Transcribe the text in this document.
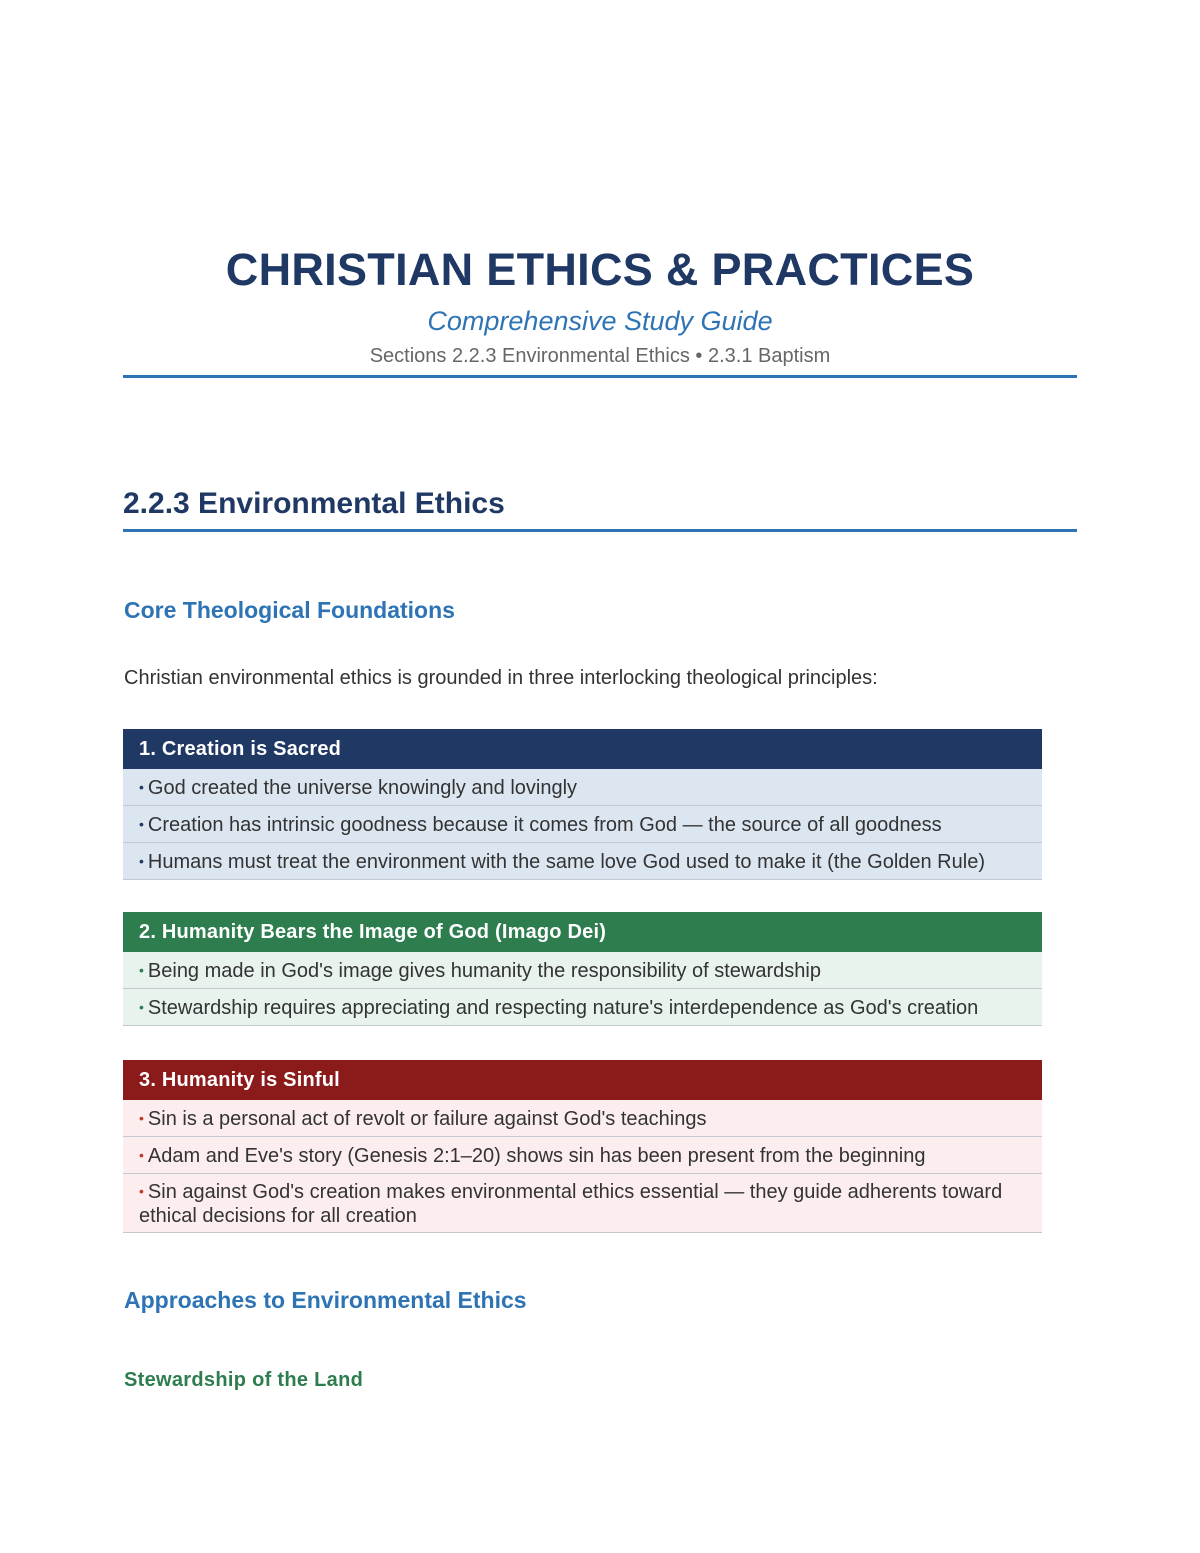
CHRISTIAN ETHICS & PRACTICES
Comprehensive Study Guide
Sections 2.2.3 Environmental Ethics • 2.3.1 Baptism
2.2.3 Environmental Ethics
Core Theological Foundations
Christian environmental ethics is grounded in three interlocking theological principles:
1. Creation is Sacred
• God created the universe knowingly and lovingly
• Creation has intrinsic goodness because it comes from God — the source of all goodness
• Humans must treat the environment with the same love God used to make it (the Golden Rule)
2. Humanity Bears the Image of God (Imago Dei)
• Being made in God's image gives humanity the responsibility of stewardship
• Stewardship requires appreciating and respecting nature's interdependence as God's creation
3. Humanity is Sinful
• Sin is a personal act of revolt or failure against God's teachings
• Adam and Eve's story (Genesis 2:1–20) shows sin has been present from the beginning
• Sin against God's creation makes environmental ethics essential — they guide adherents toward ethical decisions for all creation
Approaches to Environmental Ethics
Stewardship of the Land
